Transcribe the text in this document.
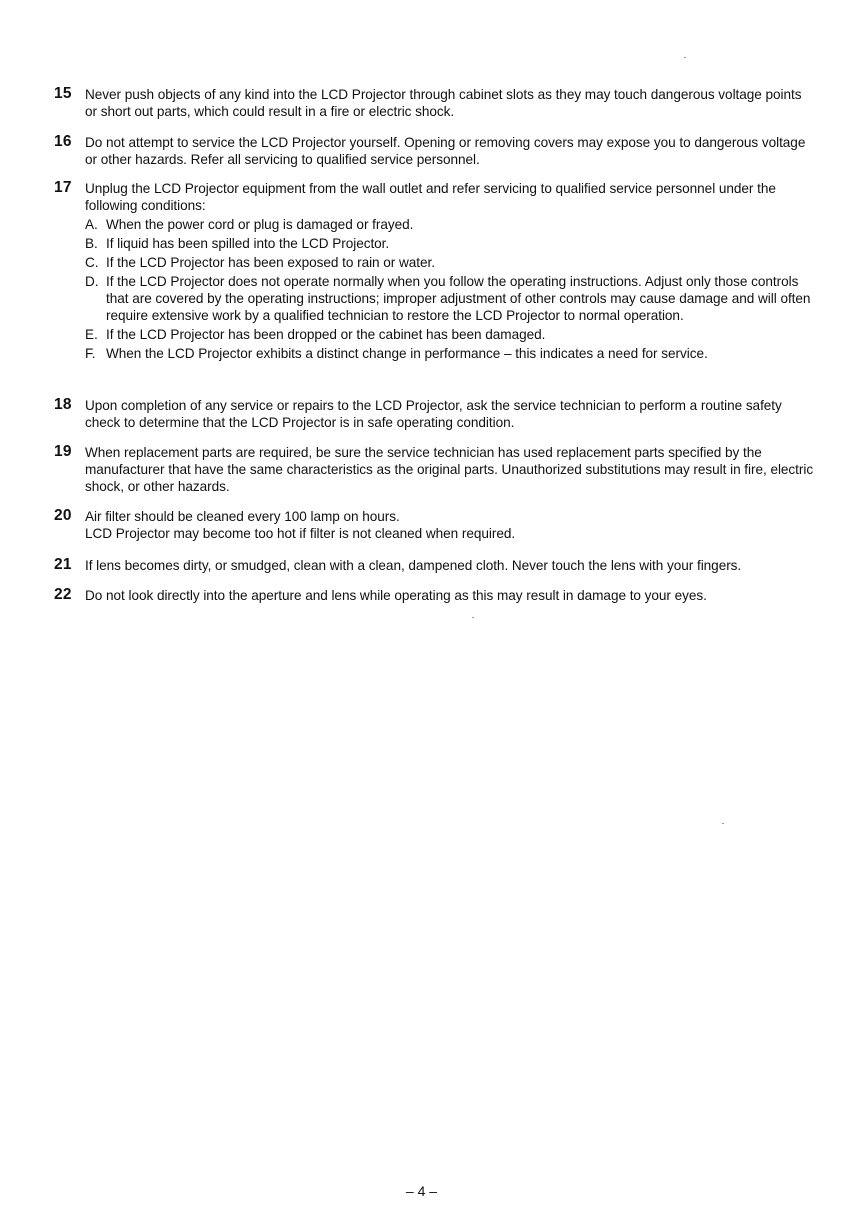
15 Never push objects of any kind into the LCD Projector through cabinet slots as they may touch dangerous voltage points or short out parts, which could result in a fire or electric shock.
16 Do not attempt to service the LCD Projector yourself. Opening or removing covers may expose you to dangerous voltage or other hazards. Refer all servicing to qualified service personnel.
17 Unplug the LCD Projector equipment from the wall outlet and refer servicing to qualified service personnel under the following conditions:
A. When the power cord or plug is damaged or frayed.
B. If liquid has been spilled into the LCD Projector.
C. If the LCD Projector has been exposed to rain or water.
D. If the LCD Projector does not operate normally when you follow the operating instructions. Adjust only those controls that are covered by the operating instructions; improper adjustment of other controls may cause damage and will often require extensive work by a qualified technician to restore the LCD Projector to normal operation.
E. If the LCD Projector has been dropped or the cabinet has been damaged.
F. When the LCD Projector exhibits a distinct change in performance – this indicates a need for service.
18 Upon completion of any service or repairs to the LCD Projector, ask the service technician to perform a routine safety check to determine that the LCD Projector is in safe operating condition.
19 When replacement parts are required, be sure the service technician has used replacement parts specified by the manufacturer that have the same characteristics as the original parts. Unauthorized substitutions may result in fire, electric shock, or other hazards.
20 Air filter should be cleaned every 100 lamp on hours.
LCD Projector may become too hot if filter is not cleaned when required.
21 If lens becomes dirty, or smudged, clean with a clean, dampened cloth. Never touch the lens with your fingers.
22 Do not look directly into the aperture and lens while operating as this may result in damage to your eyes.
– 4 –
